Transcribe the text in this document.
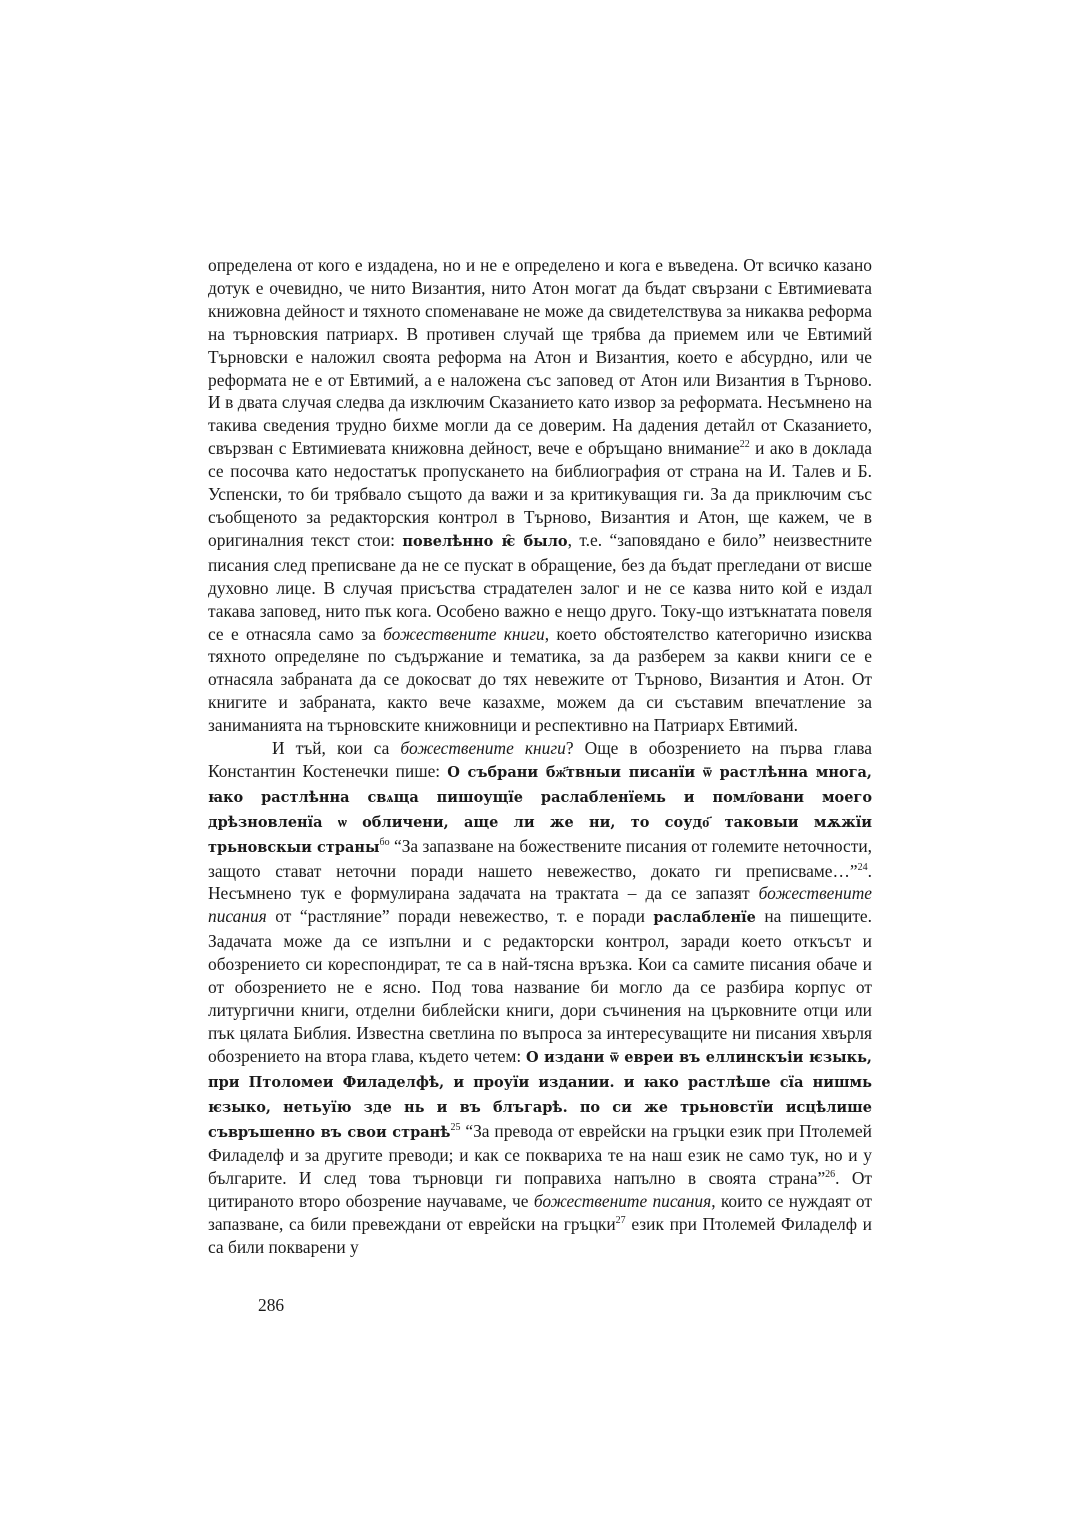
определена от кого е издадена, но и не е определено и кога е въведена. От всичко казано дотук е очевидно, че нито Византия, нито Атон могат да бъдат свързани с Евтимиевата книжовна дейност и тяхното споменаване не може да свидетелствува за никаква реформа на търновския патриарх. В противен случай ще трябва да приемем или че Евтимий Търновски е наложил своята реформа на Атон и Византия, което е абсурдно, или че реформата не е от Евтимий, а е наложена със заповед от Атон или Византия в Търново. И в двата случая следва да изключим Сказанието като извор за реформата. Несъмнено на такива сведения трудно бихме могли да се доверим. На дадения детайл от Сказанието, свързван с Евтимиевата книжовна дейност, вече е обръщано внимание$^{22}$ и ако в доклада се посочва като недостатък пропускането на библиография от страна на И. Талев и Б. Успенски, то би трябвало същото да важи и за критикуващия ги. За да приключим със съобщеното за редакторския контрол в Търново, Византия и Атон, ще кажем, че в оригиналния текст стои: повелѣнно ѥ̑ было, т.е. “заповядано е било” неизвестните писания след преписване да не се пускат в обращение, без да бъдат прегледани от висше духовно лице. В случая присъства страдателен залог и не се казва нито кой е издал такава заповед, нито пък кога. Особено важно е нещо друго. Току-що изтъкнатата повеля се е отнасяла само за божествените книги, което обстоятелство категорично изисква тяхното определяне по съдържание и тематика, за да разберем за какви книги се е отнасяла забраната да се докосват до тях невежите от Търново, Византия и Атон. От книгите и забраната, както вече казахме, можем да си съставим впечатление за заниманията на търновските книжовници и респективно на Патриарх Евтимий.

И тъй, кои са божествените книги? Още в обозрението на първа глава Константин Костенечки пише: О събрани бж҃твныи писанїи ѿ растлѣнна многа, ꙗко растлѣнна свѧща пишоущїе раслабленїемь и помл҃овани моего дрѣзновленїа ѡ обличени, аще ли же ни, то соудо҃ таковыи мѫжїи трьновскыи страны$^{бо}$ “За запазване на божествените писания от големите неточности, защото стават неточни поради нашето невежество, докато ги преписваме…”$^{24}$. Несъмнено тук е формулирана задачата на трактата – да се запазят божествените писания от “растляние” поради невежество, т. е поради раслабленїе на пишещите. Задачата може да се изпълни и с редакторски контрол, заради което откъсът и обозрението си кореспондират, те са в най-тясна връзка. Кои са самите писания обаче и от обозрението не е ясно. Под това название би могло да се разбира корпус от литургични книги, отделни библейски книги, дори съчинения на църковните отци или пък цялата Библия. Известна светлина по въпроса за интересуващите ни писания хвърля обозрението на втора глава, където четем: О издани ѿ евреи въ еллинскъіи ѥзыкь, при Птоломеи Филаделфѣ, и проуїи издании. и ꙗко растлѣше сїа нишмь ѥзыко, нетьуїю зде нь и въ блъгарѣ. по си же трьновстїи исцѣлише съвръшенно въ свои странѣ$^{25}$ “За превода от еврейски на гръцки език при Птолемей Филаделф и за другите преводи; и как се покварихa те на наш език не само тук, но и у българите. И след това търновци ги поправиха напълно в своята страна”$^{26}$. От цитираното второ обозрение научаваме, че божествените писания, които се нуждаят от запазване, са били превеждани от еврейски на гръцки$^{27}$ език при Птолемей Филаделф и са били покварени у

286
